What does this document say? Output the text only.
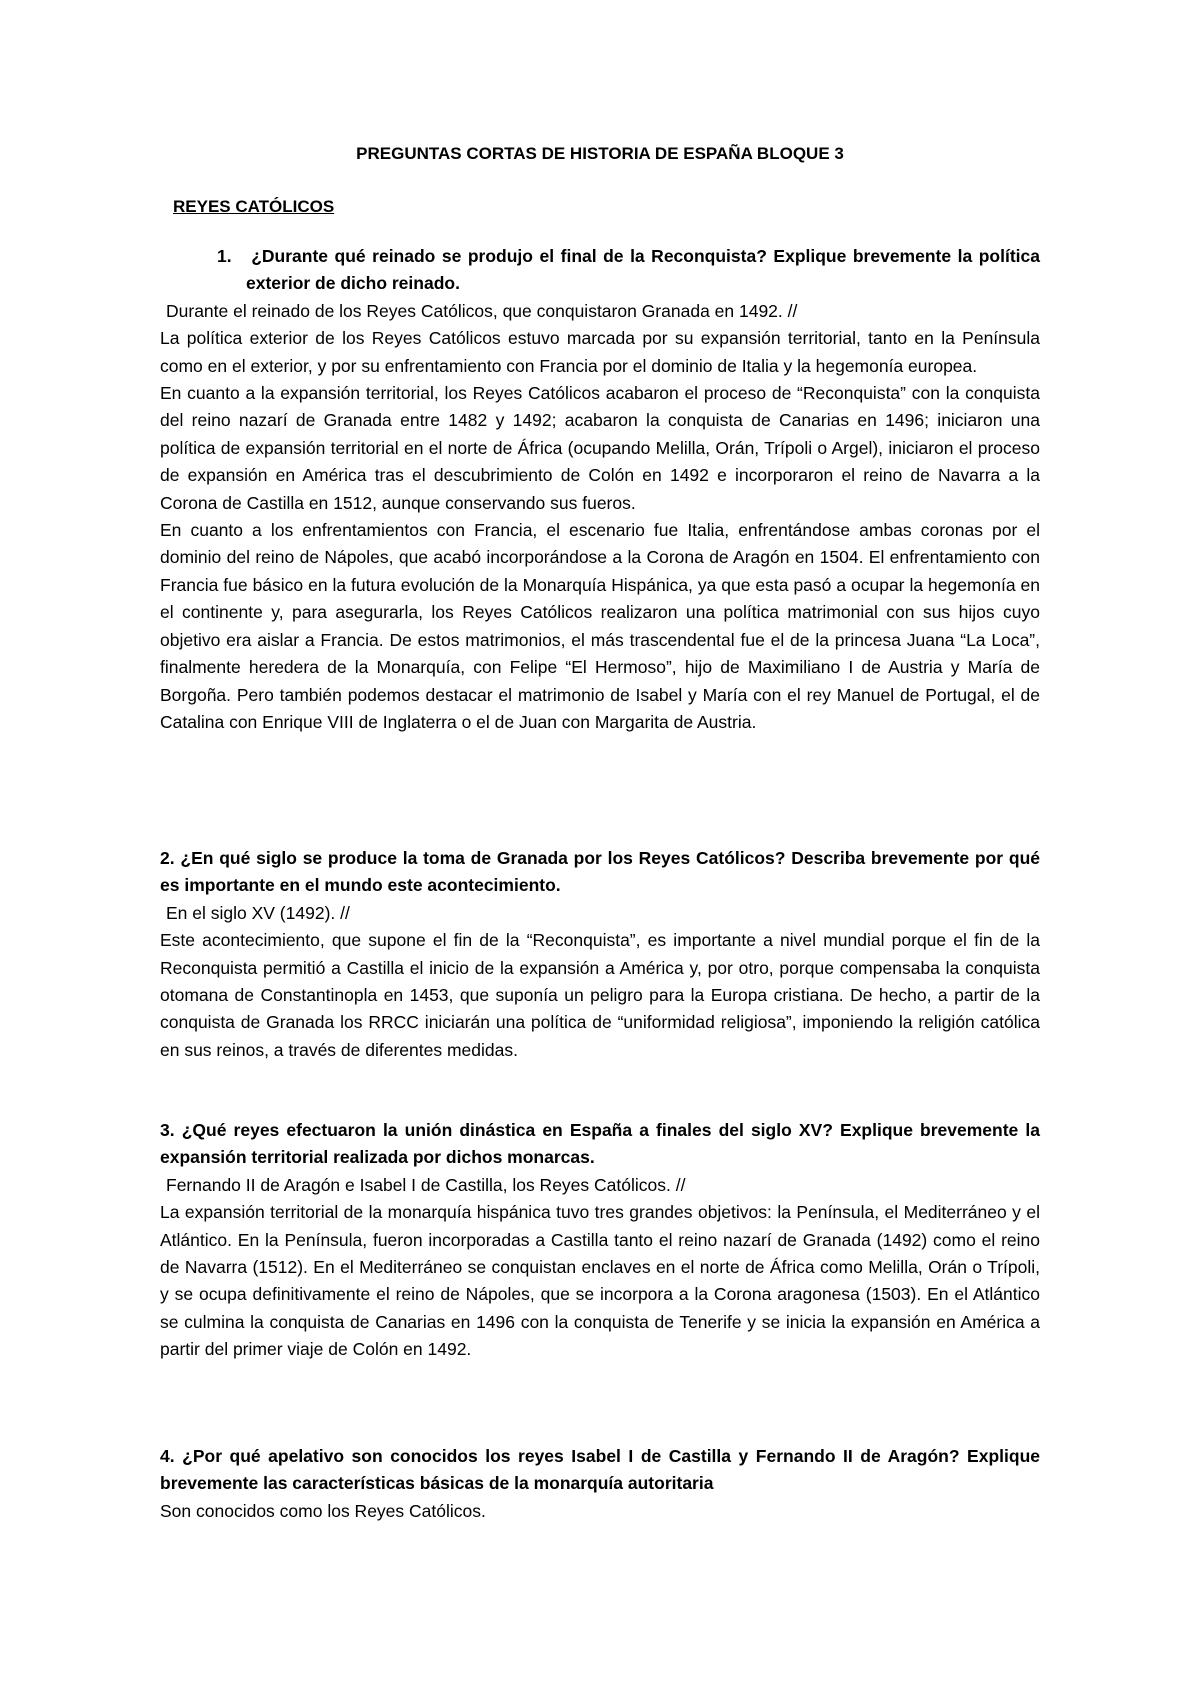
PREGUNTAS CORTAS DE HISTORIA DE ESPAÑA BLOQUE 3
REYES CATÓLICOS

1. ¿Durante qué reinado se produjo el final de la Reconquista? Explique brevemente la política exterior de dicho reinado.

Durante el reinado de los Reyes Católicos, que conquistaron Granada en 1492. //

La política exterior de los Reyes Católicos estuvo marcada por su expansión territorial, tanto en la Península como en el exterior, y por su enfrentamiento con Francia por el dominio de Italia y la hegemonía europea.

En cuanto a la expansión territorial, los Reyes Católicos acabaron el proceso de “Reconquista” con la conquista del reino nazarí de Granada entre 1482 y 1492; acabaron la conquista de Canarias en 1496; iniciaron una política de expansión territorial en el norte de África (ocupando Melilla, Orán, Trípoli o Argel), iniciaron el proceso de expansión en América tras el descubrimiento de Colón en 1492 e incorporaron el reino de Navarra a la Corona de Castilla en 1512, aunque conservando sus fueros.

En cuanto a los enfrentamientos con Francia, el escenario fue Italia, enfrentándose ambas coronas por el dominio del reino de Nápoles, que acabó incorporándose a la Corona de Aragón en 1504. El enfrentamiento con Francia fue básico en la futura evolución de la Monarquía Hispánica, ya que esta pasó a ocupar la hegemonía en el continente y, para asegurarla, los Reyes Católicos realizaron una política matrimonial con sus hijos cuyo objetivo era aislar a Francia. De estos matrimonios, el más trascendental fue el de la princesa Juana “La Loca”, finalmente heredera de la Monarquía, con Felipe “El Hermoso”, hijo de Maximiliano I de Austria y María de Borgoña. Pero también podemos destacar el matrimonio de Isabel y María con el rey Manuel de Portugal, el de Catalina con Enrique VIII de Inglaterra o el de Juan con Margarita de Austria.

2. ¿En qué siglo se produce la toma de Granada por los Reyes Católicos? Describa brevemente por qué es importante en el mundo este acontecimiento.

En el siglo XV (1492). //

Este acontecimiento, que supone el fin de la “Reconquista”, es importante a nivel mundial porque el fin de la Reconquista permitió a Castilla el inicio de la expansión a América y, por otro, porque compensaba la conquista otomana de Constantinopla en 1453, que suponía un peligro para la Europa cristiana. De hecho, a partir de la conquista de Granada los RRCC iniciarán una política de “uniformidad religiosa”, imponiendo la religión católica en sus reinos, a través de diferentes medidas.

3. ¿Qué reyes efectuaron la unión dinástica en España a finales del siglo XV? Explique brevemente la expansión territorial realizada por dichos monarcas.

Fernando II de Aragón e Isabel I de Castilla, los Reyes Católicos. //

La expansión territorial de la monarquía hispánica tuvo tres grandes objetivos: la Península, el Mediterráneo y el Atlántico. En la Península, fueron incorporadas a Castilla tanto el reino nazarí de Granada (1492) como el reino de Navarra (1512). En el Mediterráneo se conquistan enclaves en el norte de África como Melilla, Orán o Trípoli, y se ocupa definitivamente el reino de Nápoles, que se incorpora a la Corona aragonesa (1503). En el Atlántico se culmina la conquista de Canarias en 1496 con la conquista de Tenerife y se inicia la expansión en América a partir del primer viaje de Colón en 1492.

4. ¿Por qué apelativo son conocidos los reyes Isabel I de Castilla y Fernando II de Aragón? Explique brevemente las características básicas de la monarquía autoritaria

Son conocidos como los Reyes Católicos.
